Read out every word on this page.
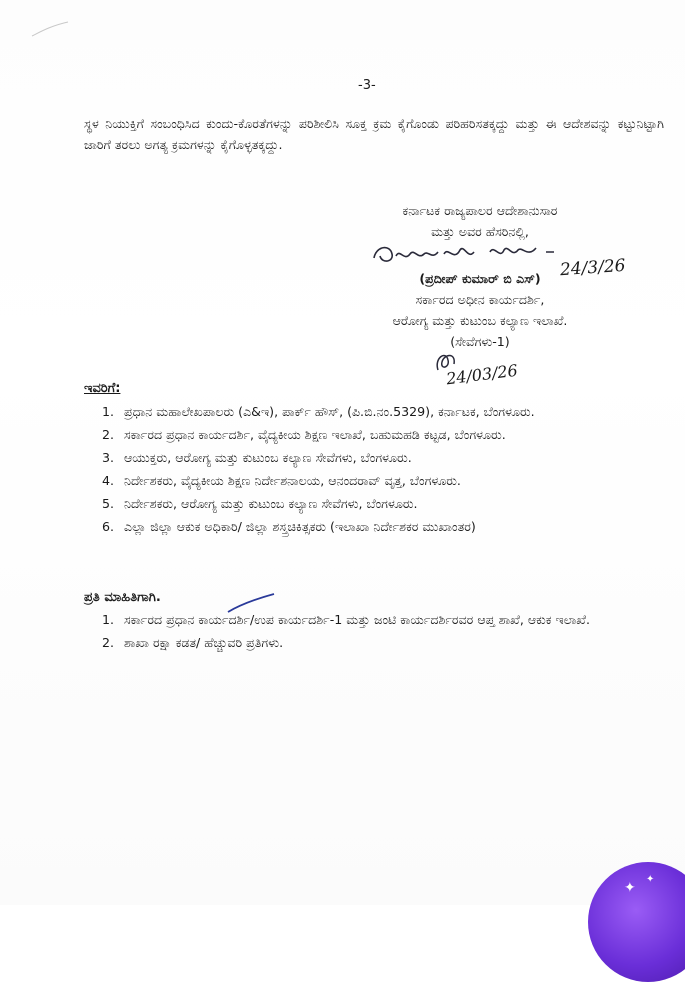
-3-
ಸ್ಥಳ ನಿಯುಕ್ತಿಗೆ ಸಂಬಂಧಿಸಿದ ಕುಂದು-ಕೊರತೆಗಳನ್ನು ಪರಿಶೀಲಿಸಿ ಸೂಕ್ತ ಕ್ರಮ ಕೈಗೊಂಡು ಪರಿಹರಿಸತಕ್ಕದ್ದು ಮತ್ತು ಈ ಆದೇಶವನ್ನು ಕಟ್ಟುನಿಟ್ಟಾಗಿ ಜಾರಿಗೆ ತರಲು ಅಗತ್ಯ ಕ್ರಮಗಳನ್ನು ಕೈಗೊಳ್ಳತಕ್ಕದ್ದು.
ಕರ್ನಾಟಕ ರಾಜ್ಯಪಾಲರ ಆದೇಶಾನುಸಾರ
ಮತ್ತು ಅವರ ಹೆಸರಿನಲ್ಲಿ,
(ಪ್ರದೀಪ್ ಕುಮಾರ್ ಬಿ ಎಸ್)
ಸರ್ಕಾರದ ಅಧೀನ ಕಾರ್ಯದರ್ಶಿ,
ಆರೋಗ್ಯ ಮತ್ತು ಕುಟುಂಬ ಕಲ್ಯಾಣ ಇಲಾಖೆ.
(ಸೇವೆಗಳು-1)
24/3/26
24/03/26
ಇವರಿಗೆ:
1. ಪ್ರಧಾನ ಮಹಾಲೇಖಪಾಲರು (ಎ&ಇ), ಪಾರ್ಕ್ ಹೌಸ್, (ಪಿ.ಬಿ.ನಂ.5329), ಕರ್ನಾಟಕ, ಬೆಂಗಳೂರು.
2. ಸರ್ಕಾರದ ಪ್ರಧಾನ ಕಾರ್ಯದರ್ಶಿ, ವೈದ್ಯಕೀಯ ಶಿಕ್ಷಣ ಇಲಾಖೆ, ಬಹುಮಹಡಿ ಕಟ್ಟಡ, ಬೆಂಗಳೂರು.
3. ಆಯುಕ್ತರು, ಆರೋಗ್ಯ ಮತ್ತು ಕುಟುಂಬ ಕಲ್ಯಾಣ ಸೇವೆಗಳು, ಬೆಂಗಳೂರು.
4. ನಿರ್ದೇಶಕರು, ವೈದ್ಯಕೀಯ ಶಿಕ್ಷಣ ನಿರ್ದೇಶನಾಲಯ, ಆನಂದರಾವ್ ವೃತ್ತ, ಬೆಂಗಳೂರು.
5. ನಿರ್ದೇಶಕರು, ಆರೋಗ್ಯ ಮತ್ತು ಕುಟುಂಬ ಕಲ್ಯಾಣ ಸೇವೆಗಳು, ಬೆಂಗಳೂರು.
6. ಎಲ್ಲಾ ಜಿಲ್ಲಾ ಆಕುಕ ಅಧಿಕಾರಿ/ ಜಿಲ್ಲಾ ಶಸ್ತ್ರಚಿಕಿತ್ಸಕರು (ಇಲಾಖಾ ನಿರ್ದೇಶಕರ ಮುಖಾಂತರ)
ಪ್ರತಿ ಮಾಹಿತಿಗಾಗಿ.
1. ಸರ್ಕಾರದ ಪ್ರಧಾನ ಕಾರ್ಯದರ್ಶಿ/ಉಪ ಕಾರ್ಯದರ್ಶಿ-1 ಮತ್ತು ಜಂಟಿ ಕಾರ್ಯದರ್ಶಿರವರ ಆಪ್ತ ಶಾಖೆ, ಆಕುಕ ಇಲಾಖೆ.
2. ಶಾಖಾ ರಕ್ಷಾ ಕಡತ/ ಹೆಚ್ಚುವರಿ ಪ್ರತಿಗಳು.
✦
✦
